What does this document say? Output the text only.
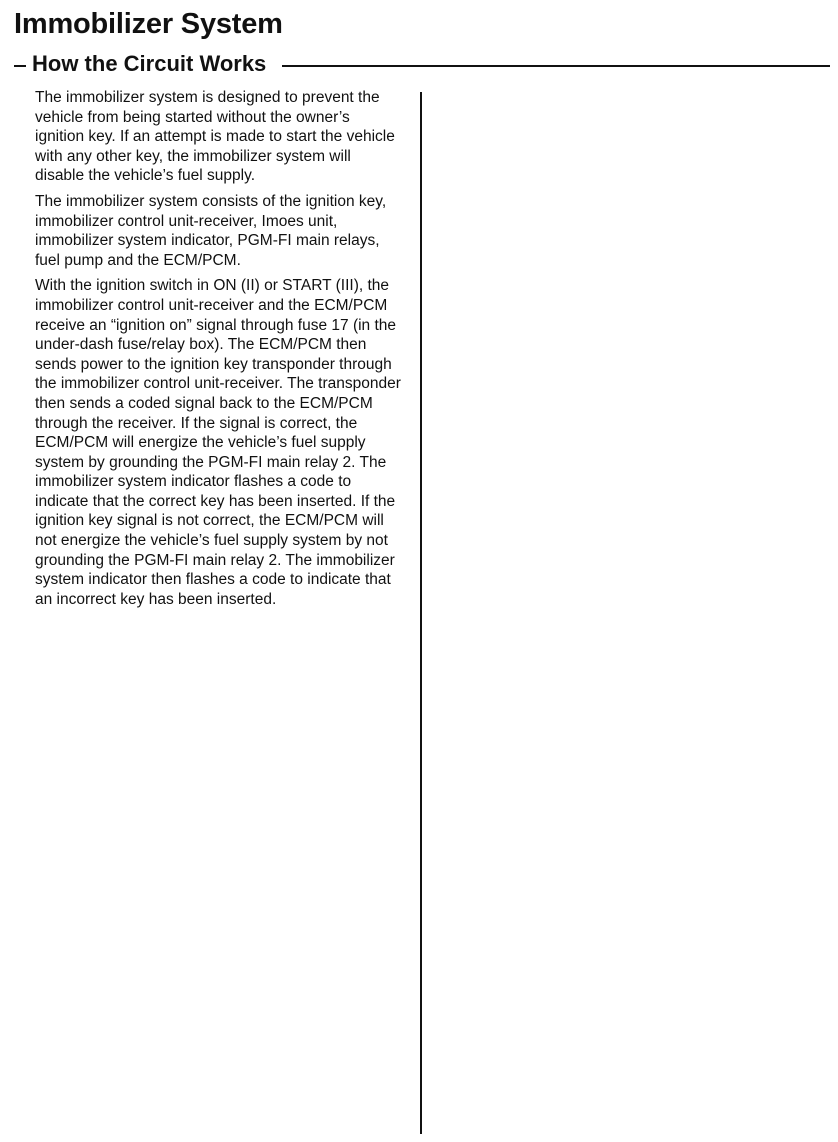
Immobilizer System
How the Circuit Works

The immobilizer system is designed to prevent the vehicle from being started without the owner’s ignition key. If an attempt is made to start the vehicle with any other key, the immobilizer system will disable the vehicle’s fuel supply.

The immobilizer system consists of the ignition key, immobilizer control unit-receiver, Imoes unit, immobilizer system indicator, PGM-FI main relays, fuel pump and the ECM/PCM.

With the ignition switch in ON (II) or START (III), the immobilizer control unit-receiver and the ECM/PCM receive an “ignition on” signal through fuse 17 (in the under-dash fuse/relay box). The ECM/PCM then sends power to the ignition key transponder through the immobilizer control unit-receiver. The transponder then sends a coded signal back to the ECM/PCM through the receiver. If the signal is correct, the ECM/PCM will energize the vehicle’s fuel supply system by grounding the PGM-FI main relay 2. The immobilizer system indicator flashes a code to indicate that the correct key has been inserted. If the ignition key signal is not correct, the ECM/PCM will not energize the vehicle’s fuel supply system by not grounding the PGM-FI main relay 2. The immobilizer system indicator then flashes a code to indicate that an incorrect key has been inserted.
